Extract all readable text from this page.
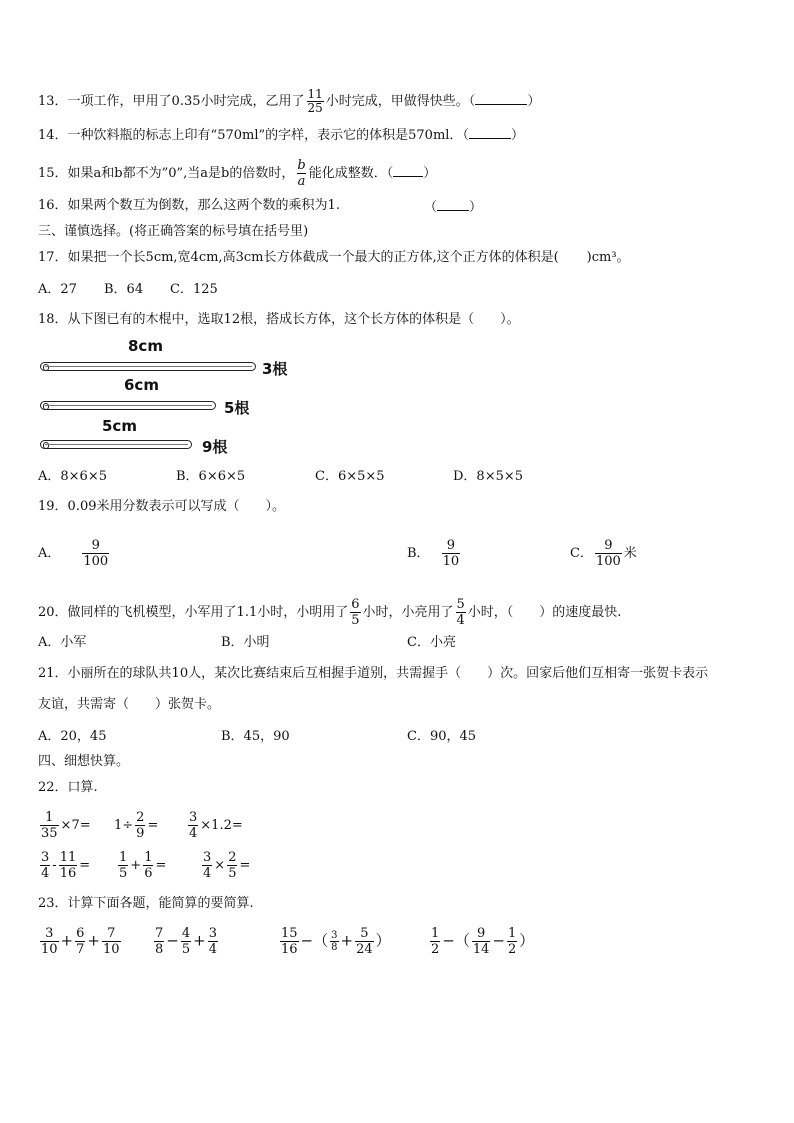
13．一项工作，甲用了0.35小时完成，乙用了 $\frac{11}{25}$ 小时完成，甲做得快些。（	）
14．一种饮料瓶的标志上印有“570ml”的字样，表示它的体积是570ml．（	）
15．如果a和b都不为”0”,当a是b的倍数时， $\frac{b}{a}$ 能化成整数．（ ）
16．如果两个数互为倒数，那么这两个数的乘积为1.	（ ）
三、谨慎选择。(将正确答案的标号填在括号里)
17．如果把一个长5cm,宽4cm,高3cm长方体截成一个最大的正方体,这个正方体的体积是( )cm³。
A．27 B．64 C．125
18．从下图已有的木棍中，选取12根，搭成长方体，这个长方体的体积是（　　）。
8cm
3根
6cm
5根
5cm
9根
A．8×6×5	B．6×6×5	C．6×5×5	D．8×5×5
19．0.09米用分数表示可以写成（　　）。
A． $\frac{9}{100}$	B． $\frac{9}{10}$	C． $\frac{9}{100}$ 米
20．做同样的飞机模型，小军用了1.1小时，小明用了 $\frac{6}{5}$ 小时，小亮用了 $\frac{5}{4}$ 小时，（　　）的速度最快.
A．小军	B．小明	C．小亮
21．小丽所在的球队共10人，某次比赛结束后互相握手道别，共需握手（　　）次。回家后他们互相寄一张贺卡表示
友谊，共需寄（　　）张贺卡。
A．20，45	B．45，90	C．90，45
四、细想快算。
22．口算.
$\frac{1}{35} \times 7= 1\div \frac{2}{9} = \frac{3}{4} \times 1.2=$
$\frac{3}{4} - \frac{11}{16} = \frac{1}{5} + \frac{1}{6}$ =	$\frac{3}{4} \times \frac{2}{5}$ =
23．计算下面各题，能简算的要简算.
$\frac{3}{10} + \frac{6}{7} + \frac{7}{10}$	$\frac{7}{8} - \frac{4}{5} + \frac{3}{4}$	$\frac{15}{16}$ −（ $\frac{3}{8} + \frac{5}{24}$ ）	$\frac{1}{2}$ −（ $\frac{9}{14} - \frac{1}{2}$ ）
